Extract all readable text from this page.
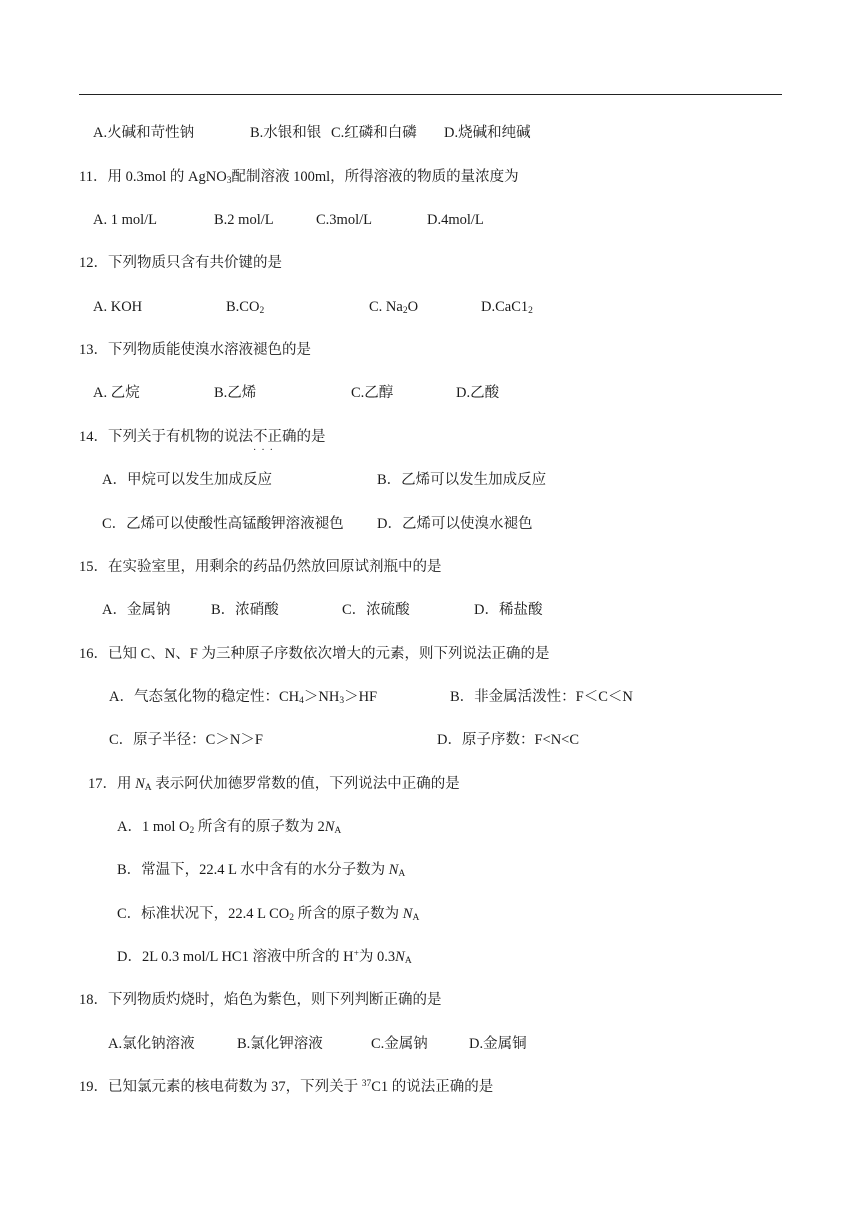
A.火碱和苛性钠	B.水银和银 C.红磷和白磷 D.烧碱和纯碱
11．用 0.3mol 的 AgNO$_3$配制溶液 100ml，所得溶液的物质的量浓度为
A. 1 mol/L	B.2 mol/L	C.3mol/L	D.4mol/L
12．下列物质只含有共价键的是
A. KOH	$B.CO_2$	C. $Na_2O$	$D.CaC1_2$
13．下列物质能使溴水溶液褪色的是
A. 乙烷	B.乙烯	C.乙醇	D.乙酸
14．下列关于有机物的说法不正确
···
的是
A．甲烷可以发生加成反应	B．乙烯可以发生加成反应
C．乙烯可以使酸性高锰酸钾溶液褪色 D．乙烯可以使溴水褪色
15．在实验室里，用剩余的药品仍然放回原试剂瓶中的是
A．金属钠	B．浓硝酸	C．浓硫酸	D．稀盐酸
16．已知 C、N、F 为三种原子序数依次增大的元素，则下列说法正确的是
A．气态氢化物的稳定性：$CH_4>NH_3>HF$	B．非金属活泼性：F＜C＜N
C．原子半径：C＞N＞F	D．原子序数：F<N<C
17．用 $N_A$ 表示阿伏加德罗常数的值，下列说法中正确的是
A．1 mol $O_2$ 所含有的原子数为 $2N_A$
B．常温下，22.4 L 水中含有的水分子数为 $N_A$
C．标准状况下，22.4 L $CO_2$ 所含的原子数为 $N_A$
D．2L 0.3 mol/L HC1 溶液中所含的 H+为 $0.3N_A$
18．下列物质灼烧时，焰色为紫色，则下列判断正确的是
A.氯化钠溶液	B.氯化钾溶液	C.金属钠	D.金属铜
19．已知氯元素的核电荷数为 37，下列关于 $^{37}$C1 的说法正确的是
